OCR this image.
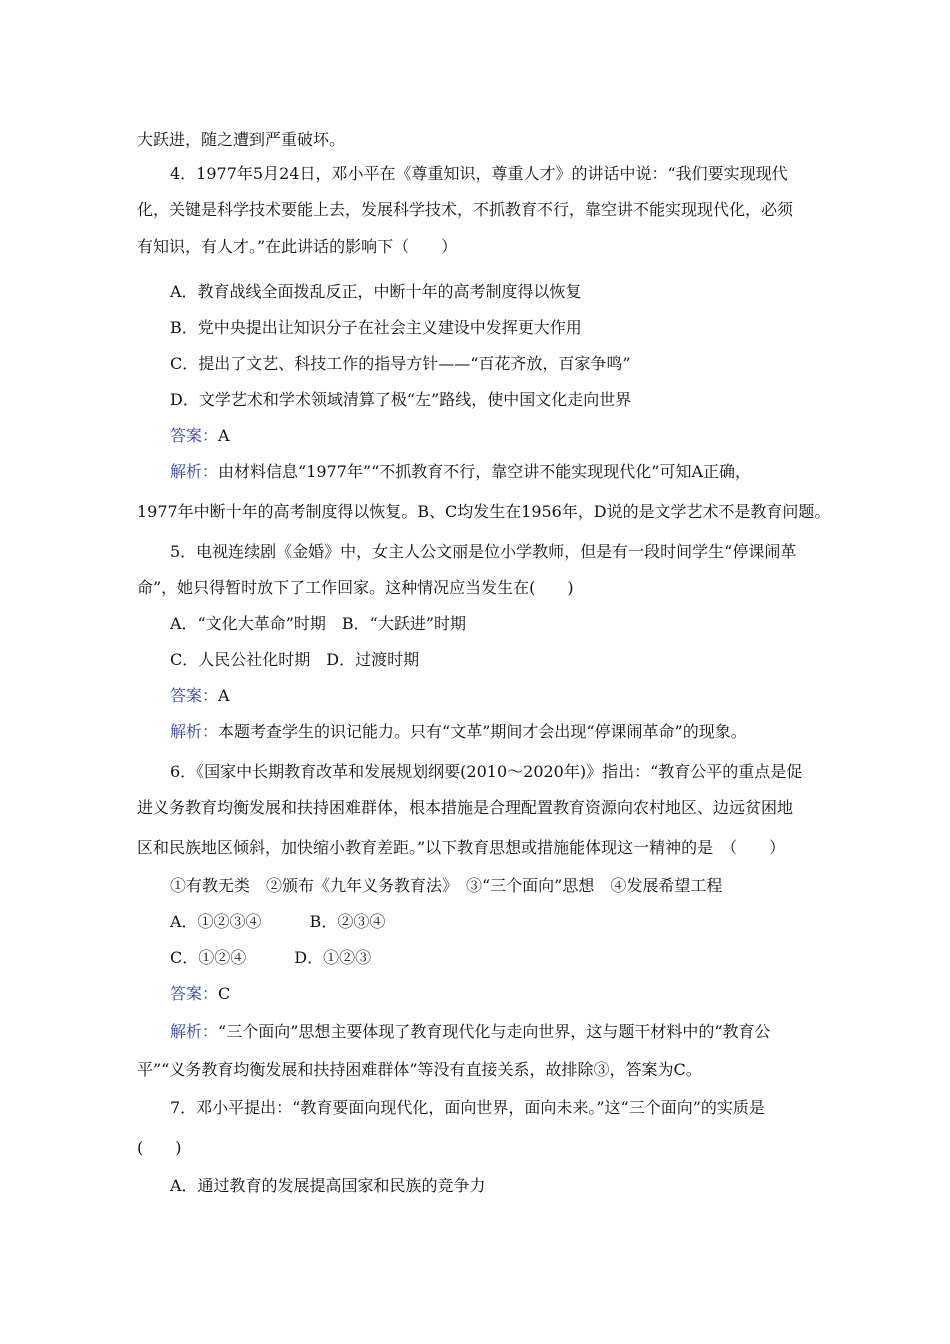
大跃进，随之遭到严重破坏。
4．1977年5月24日，邓小平在《尊重知识，尊重人才》的讲话中说：“我们要实现现代
化，关键是科学技术要能上去，发展科学技术，不抓教育不行，靠空讲不能实现现代化，必须
有知识，有人才。”在此讲话的影响下（　　）
A．教育战线全面拨乱反正，中断十年的高考制度得以恢复
B．党中央提出让知识分子在社会主义建设中发挥更大作用
C．提出了文艺、科技工作的指导方针——“百花齐放，百家争鸣”
D．文学艺术和学术领域清算了极“左”路线，使中国文化走向世界
答案：A
解析：由材料信息“1977年”“不抓教育不行，靠空讲不能实现现代化”可知A正确，
1977年中断十年的高考制度得以恢复。B、C均发生在1956年，D说的是文学艺术不是教育问题。
5．电视连续剧《金婚》中，女主人公文丽是位小学教师，但是有一段时间学生“停课闹革
命”，她只得暂时放下了工作回家。这种情况应当发生在(　　)
A．“文化大革命”时期　B．“大跃进”时期
C．人民公社化时期　D．过渡时期
答案：A
解析：本题考查学生的识记能力。只有“文革”期间才会出现“停课闹革命”的现象。
6．《国家中长期教育改革和发展规划纲要(2010～2020年)》指出：“教育公平的重点是促
进义务教育均衡发展和扶持困难群体，根本措施是合理配置教育资源向农村地区、边远贫困地
区和民族地区倾斜，加快缩小教育差距。”以下教育思想或措施能体现这一精神的是　（　　）
①有教无类　②颁布《九年义务教育法》　③“三个面向”思想　④发展希望工程
A．①②③④　　　B．②③④
C．①②④　　　D．①②③
答案：C
解析：“三个面向”思想主要体现了教育现代化与走向世界，这与题干材料中的“教育公
平”“义务教育均衡发展和扶持困难群体”等没有直接关系，故排除③，答案为C。
7．邓小平提出：“教育要面向现代化，面向世界，面向未来。”这“三个面向”的实质是
(　　)
A．通过教育的发展提高国家和民族的竞争力
